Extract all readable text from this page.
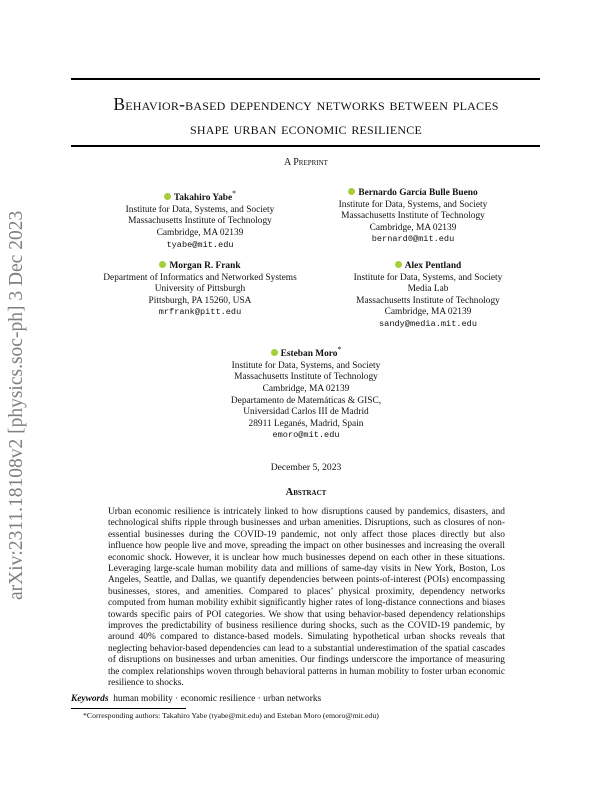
arXiv:2311.18108v2 [physics.soc-ph] 3 Dec 2023
Behavior-based dependency networks between places
shape urban economic resilience
A Preprint
Takahiro Yabe*
Institute for Data, Systems, and Society
Massachusetts Institute of Technology
Cambridge, MA 02139
tyabe@mit.edu
Bernardo García Bulle Bueno
Institute for Data, Systems, and Society
Massachusetts Institute of Technology
Cambridge, MA 02139
bernard0@mit.edu
Morgan R. Frank
Department of Informatics and Networked Systems
University of Pittsburgh
Pittsburgh, PA 15260, USA
mrfrank@pitt.edu
Alex Pentland
Institute for Data, Systems, and Society
Media Lab
Massachusetts Institute of Technology
Cambridge, MA 02139
sandy@media.mit.edu
Esteban Moro*
Institute for Data, Systems, and Society
Massachusetts Institute of Technology
Cambridge, MA 02139
Departamento de Matemáticas & GISC,
Universidad Carlos III de Madrid
28911 Leganés, Madrid, Spain
emoro@mit.edu
December 5, 2023
Abstract
Urban economic resilience is intricately linked to how disruptions caused by pandemics, disasters, and technological shifts ripple through businesses and urban amenities. Disruptions, such as closures of non-essential businesses during the COVID-19 pandemic, not only affect those places directly but also influence how people live and move, spreading the impact on other businesses and increasing the overall economic shock. However, it is unclear how much businesses depend on each other in these situations. Leveraging large-scale human mobility data and millions of same-day visits in New York, Boston, Los Angeles, Seattle, and Dallas, we quantify dependencies between points-of-interest (POIs) encompassing businesses, stores, and amenities. Compared to places’ physical proximity, dependency networks computed from human mobility exhibit significantly higher rates of long-distance connections and biases towards specific pairs of POI categories. We show that using behavior-based dependency relationships improves the predictability of business resilience during shocks, such as the COVID-19 pandemic, by around 40% compared to distance-based models. Simulating hypothetical urban shocks reveals that neglecting behavior-based dependencies can lead to a substantial underestimation of the spatial cascades of disruptions on businesses and urban amenities. Our findings underscore the importance of measuring the complex relationships woven through behavioral patterns in human mobility to foster urban economic resilience to shocks.
Keywords human mobility · economic resilience · urban networks
*Corresponding authors: Takahiro Yabe (tyabe@mit.edu) and Esteban Moro (emoro@mit.edu)
